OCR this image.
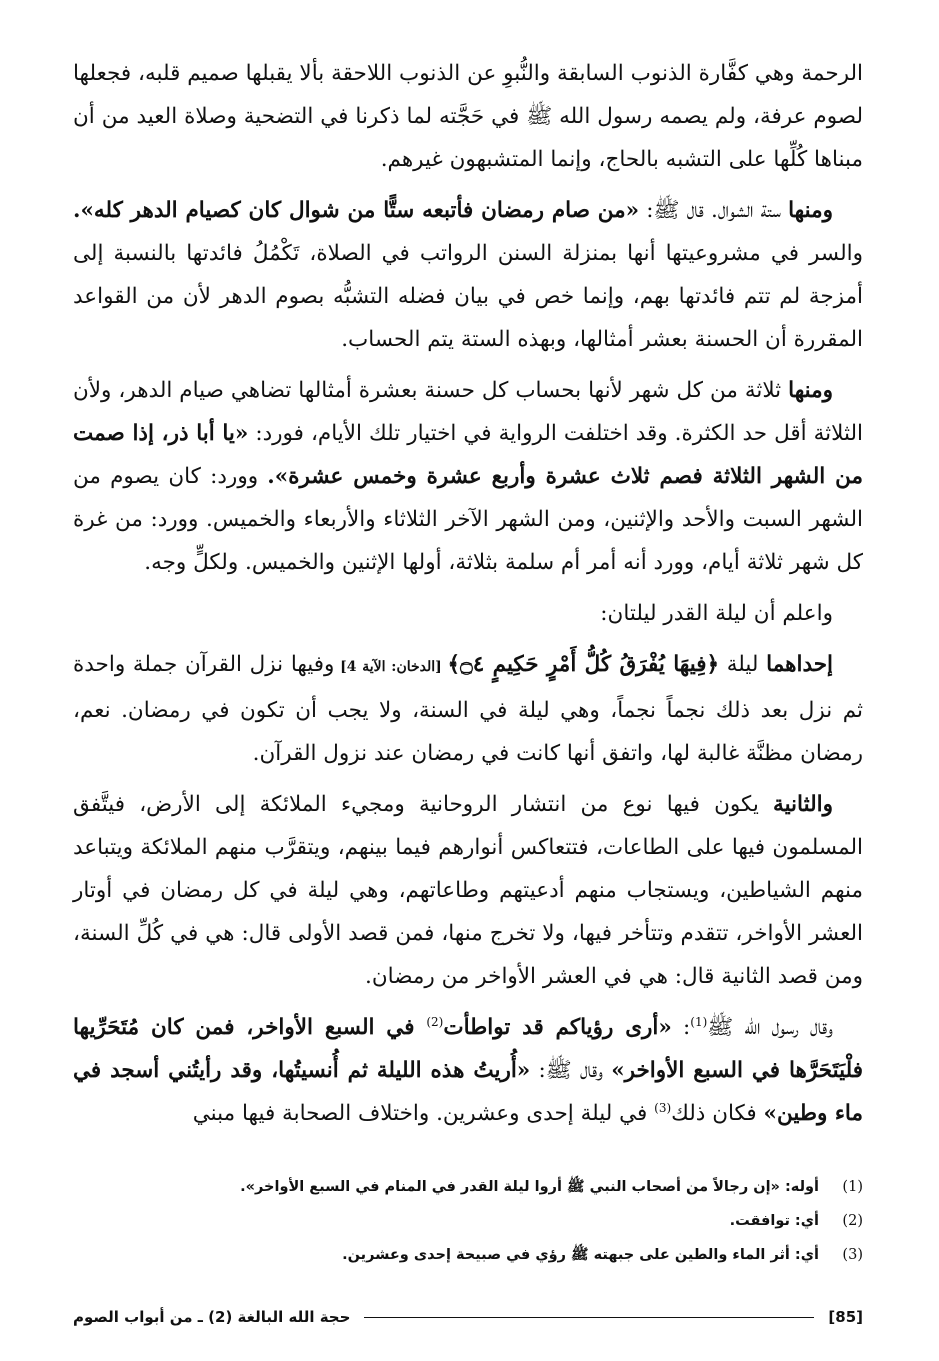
الرحمة وهي كفَّارة الذنوب السابقة والنُّبوِ عن الذنوب اللاحقة بألا يقبلها صميم قلبه، فجعلها لصوم عرفة، ولم يصمه رسول الله ﷺ في حَجَّته لما ذكرنا في التضحية وصلاة العيد من أن مبناها كُلِّها على التشبه بالحاج، وإنما المتشبهون غيرهم.

ومنها ستة الشوال. قال ﷺ: «من صام رمضان فأتبعه ستًّا من شوال كان كصيام الدهر كله». والسر في مشروعيتها أنها بمنزلة السنن الرواتب في الصلاة، تَكْمُلُ فائدتها بالنسبة إلى أمزجة لم تتم فائدتها بهم، وإنما خص في بيان فضله التشبُّه بصوم الدهر لأن من القواعد المقررة أن الحسنة بعشر أمثالها، وبهذه الستة يتم الحساب.

ومنها ثلاثة من كل شهر لأنها بحساب كل حسنة بعشرة أمثالها تضاهي صيام الدهر، ولأن الثلاثة أقل حد الكثرة. وقد اختلفت الرواية في اختيار تلك الأيام، فورد: «يا أبا ذر، إذا صمت من الشهر الثلاثة فصم ثلاث عشرة وأربع عشرة وخمس عشرة». وورد: كان يصوم من الشهر السبت والأحد والإثنين، ومن الشهر الآخر الثلاثاء والأربعاء والخميس. وورد: من غرة كل شهر ثلاثة أيام، وورد أنه أمر أم سلمة بثلاثة، أولها الإثنين والخميس. ولكلٍّ وجه.

واعلم أن ليلة القدر ليلتان:

إحداهما ليلة ﴿فِيهَا يُفْرَقُ كُلُّ أَمْرٍ حَكِيمٍ ۝٤﴾ [الدخان: الآية 4] وفيها نزل القرآن جملة واحدة ثم نزل بعد ذلك نجماً نجماً، وهي ليلة في السنة، ولا يجب أن تكون في رمضان. نعم، رمضان مظنَّة غالبة لها، واتفق أنها كانت في رمضان عند نزول القرآن.

والثانية يكون فيها نوع من انتشار الروحانية ومجيء الملائكة إلى الأرض، فيتَّفق المسلمون فيها على الطاعات، فتتعاكس أنوارهم فيما بينهم، ويتقرَّب منهم الملائكة ويتباعد منهم الشياطين، ويستجاب منهم أدعيتهم وطاعاتهم، وهي ليلة في كل رمضان في أوتار العشر الأواخر، تتقدم وتتأخر فيها، ولا تخرج منها، فمن قصد الأولى قال: هي في كُلِّ السنة، ومن قصد الثانية قال: هي في العشر الأواخر من رمضان.

وقال رسول الله ﷺ$^{(1)}$: «أرى رؤياكم قد تواطأت$^{(2)}$ في السبع الأواخر، فمن كان مُتَحَرِّيها فلْيَتَحَرَّها في السبع الأواخر» وقال ﷺ: «أُريتُ هذه الليلة ثم أُنسيتُها، وقد رأيتُني أسجد في ماء وطين» فكان ذلك$^{(3)}$ في ليلة إحدى وعشرين. واختلاف الصحابة فيها مبني

(1)
أوله: «إن رجالاً من أصحاب النبي ﷺ أروا ليلة القدر في المنام في السبع الأواخر».
(2)
أي: توافقت.
(3)
أي: أثر الماء والطين على جبهته ﷺ رؤي في صبيحة إحدى وعشرين.
[85]
حجة الله البالغة (2) ـ من أبواب الصوم
